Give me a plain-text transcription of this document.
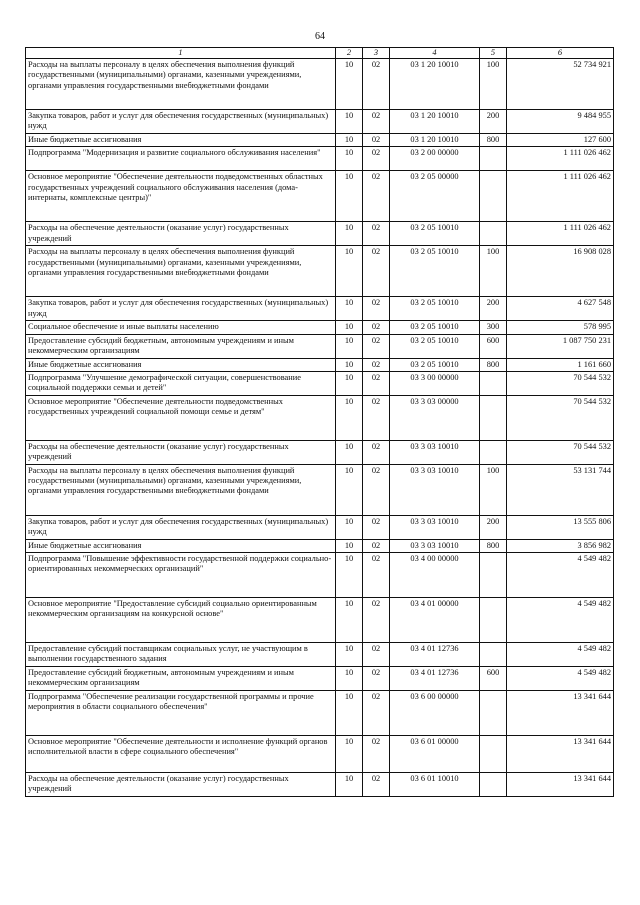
64
1	2	3	4	5	6
Расходы на выплаты персоналу в целях обеспечения выполнения функций государственными (муниципальными) органами, казенными учреждениями, органами управления государственными внебюджетными фондами	10	02	03 1 20 10010	100	52 734 921
Закупка товаров, работ и услуг для обеспечения государственных (муниципальных) нужд	10	02	03 1 20 10010	200	9 484 955
Иные бюджетные ассигнования	10	02	03 1 20 10010	800	127 600
Подпрограмма "Модернизация и развитие социального обслуживания населения"	10	02	03 2 00 00000		1 111 026 462
Основное мероприятие "Обеспечение деятельности подведомственных областных государственных учреждений социального обслуживания населения (дома-интернаты, комплексные центры)"	10	02	03 2 05 00000		1 111 026 462
Расходы на обеспечение деятельности (оказание услуг) государственных учреждений	10	02	03 2 05 10010		1 111 026 462
Расходы на выплаты персоналу в целях обеспечения выполнения функций государственными (муниципальными) органами, казенными учреждениями, органами управления государственными внебюджетными фондами	10	02	03 2 05 10010	100	16 908 028
Закупка товаров, работ и услуг для обеспечения государственных (муниципальных) нужд	10	02	03 2 05 10010	200	4 627 548
Социальное обеспечение и иные выплаты населению	10	02	03 2 05 10010	300	578 995
Предоставление субсидий бюджетным, автономным учреждениям и иным некоммерческим организациям	10	02	03 2 05 10010	600	1 087 750 231
Иные бюджетные ассигнования	10	02	03 2 05 10010	800	1 161 660
Подпрограмма "Улучшение демографической ситуации, совершенствование социальной поддержки семьи и детей"	10	02	03 3 00 00000		70 544 532
Основное мероприятие "Обеспечение деятельности подведомственных государственных учреждений социальной помощи семье и детям"	10	02	03 3 03 00000		70 544 532
Расходы на обеспечение деятельности (оказание услуг) государственных учреждений	10	02	03 3 03 10010		70 544 532
Расходы на выплаты персоналу в целях обеспечения выполнения функций государственными (муниципальными) органами, казенными учреждениями, органами управления государственными внебюджетными фондами	10	02	03 3 03 10010	100	53 131 744
Закупка товаров, работ и услуг для обеспечения государственных (муниципальных) нужд	10	02	03 3 03 10010	200	13 555 806
Иные бюджетные ассигнования	10	02	03 3 03 10010	800	3 856 982
Подпрограмма "Повышение эффективности государственной поддержки социально-ориентированных некоммерческих организаций"	10	02	03 4 00 00000		4 549 482
Основное мероприятие "Предоставление субсидий социально ориентированным некоммерческим организациям на конкурсной основе"	10	02	03 4 01 00000		4 549 482
Предоставление субсидий поставщикам социальных услуг, не участвующим в выполнении государственного задания	10	02	03 4 01 12736		4 549 482
Предоставление субсидий бюджетным, автономным учреждениям и иным некоммерческим организациям	10	02	03 4 01 12736	600	4 549 482
Подпрограмма "Обеспечение реализации государственной программы и прочие мероприятия в области социального обеспечения"	10	02	03 6 00 00000		13 341 644
Основное мероприятие "Обеспечение деятельности и исполнение функций органов исполнительной власти в сфере социального обеспечения"	10	02	03 6 01 00000		13 341 644
Расходы на обеспечение деятельности (оказание услуг) государственных учреждений	10	02	03 6 01 10010		13 341 644
